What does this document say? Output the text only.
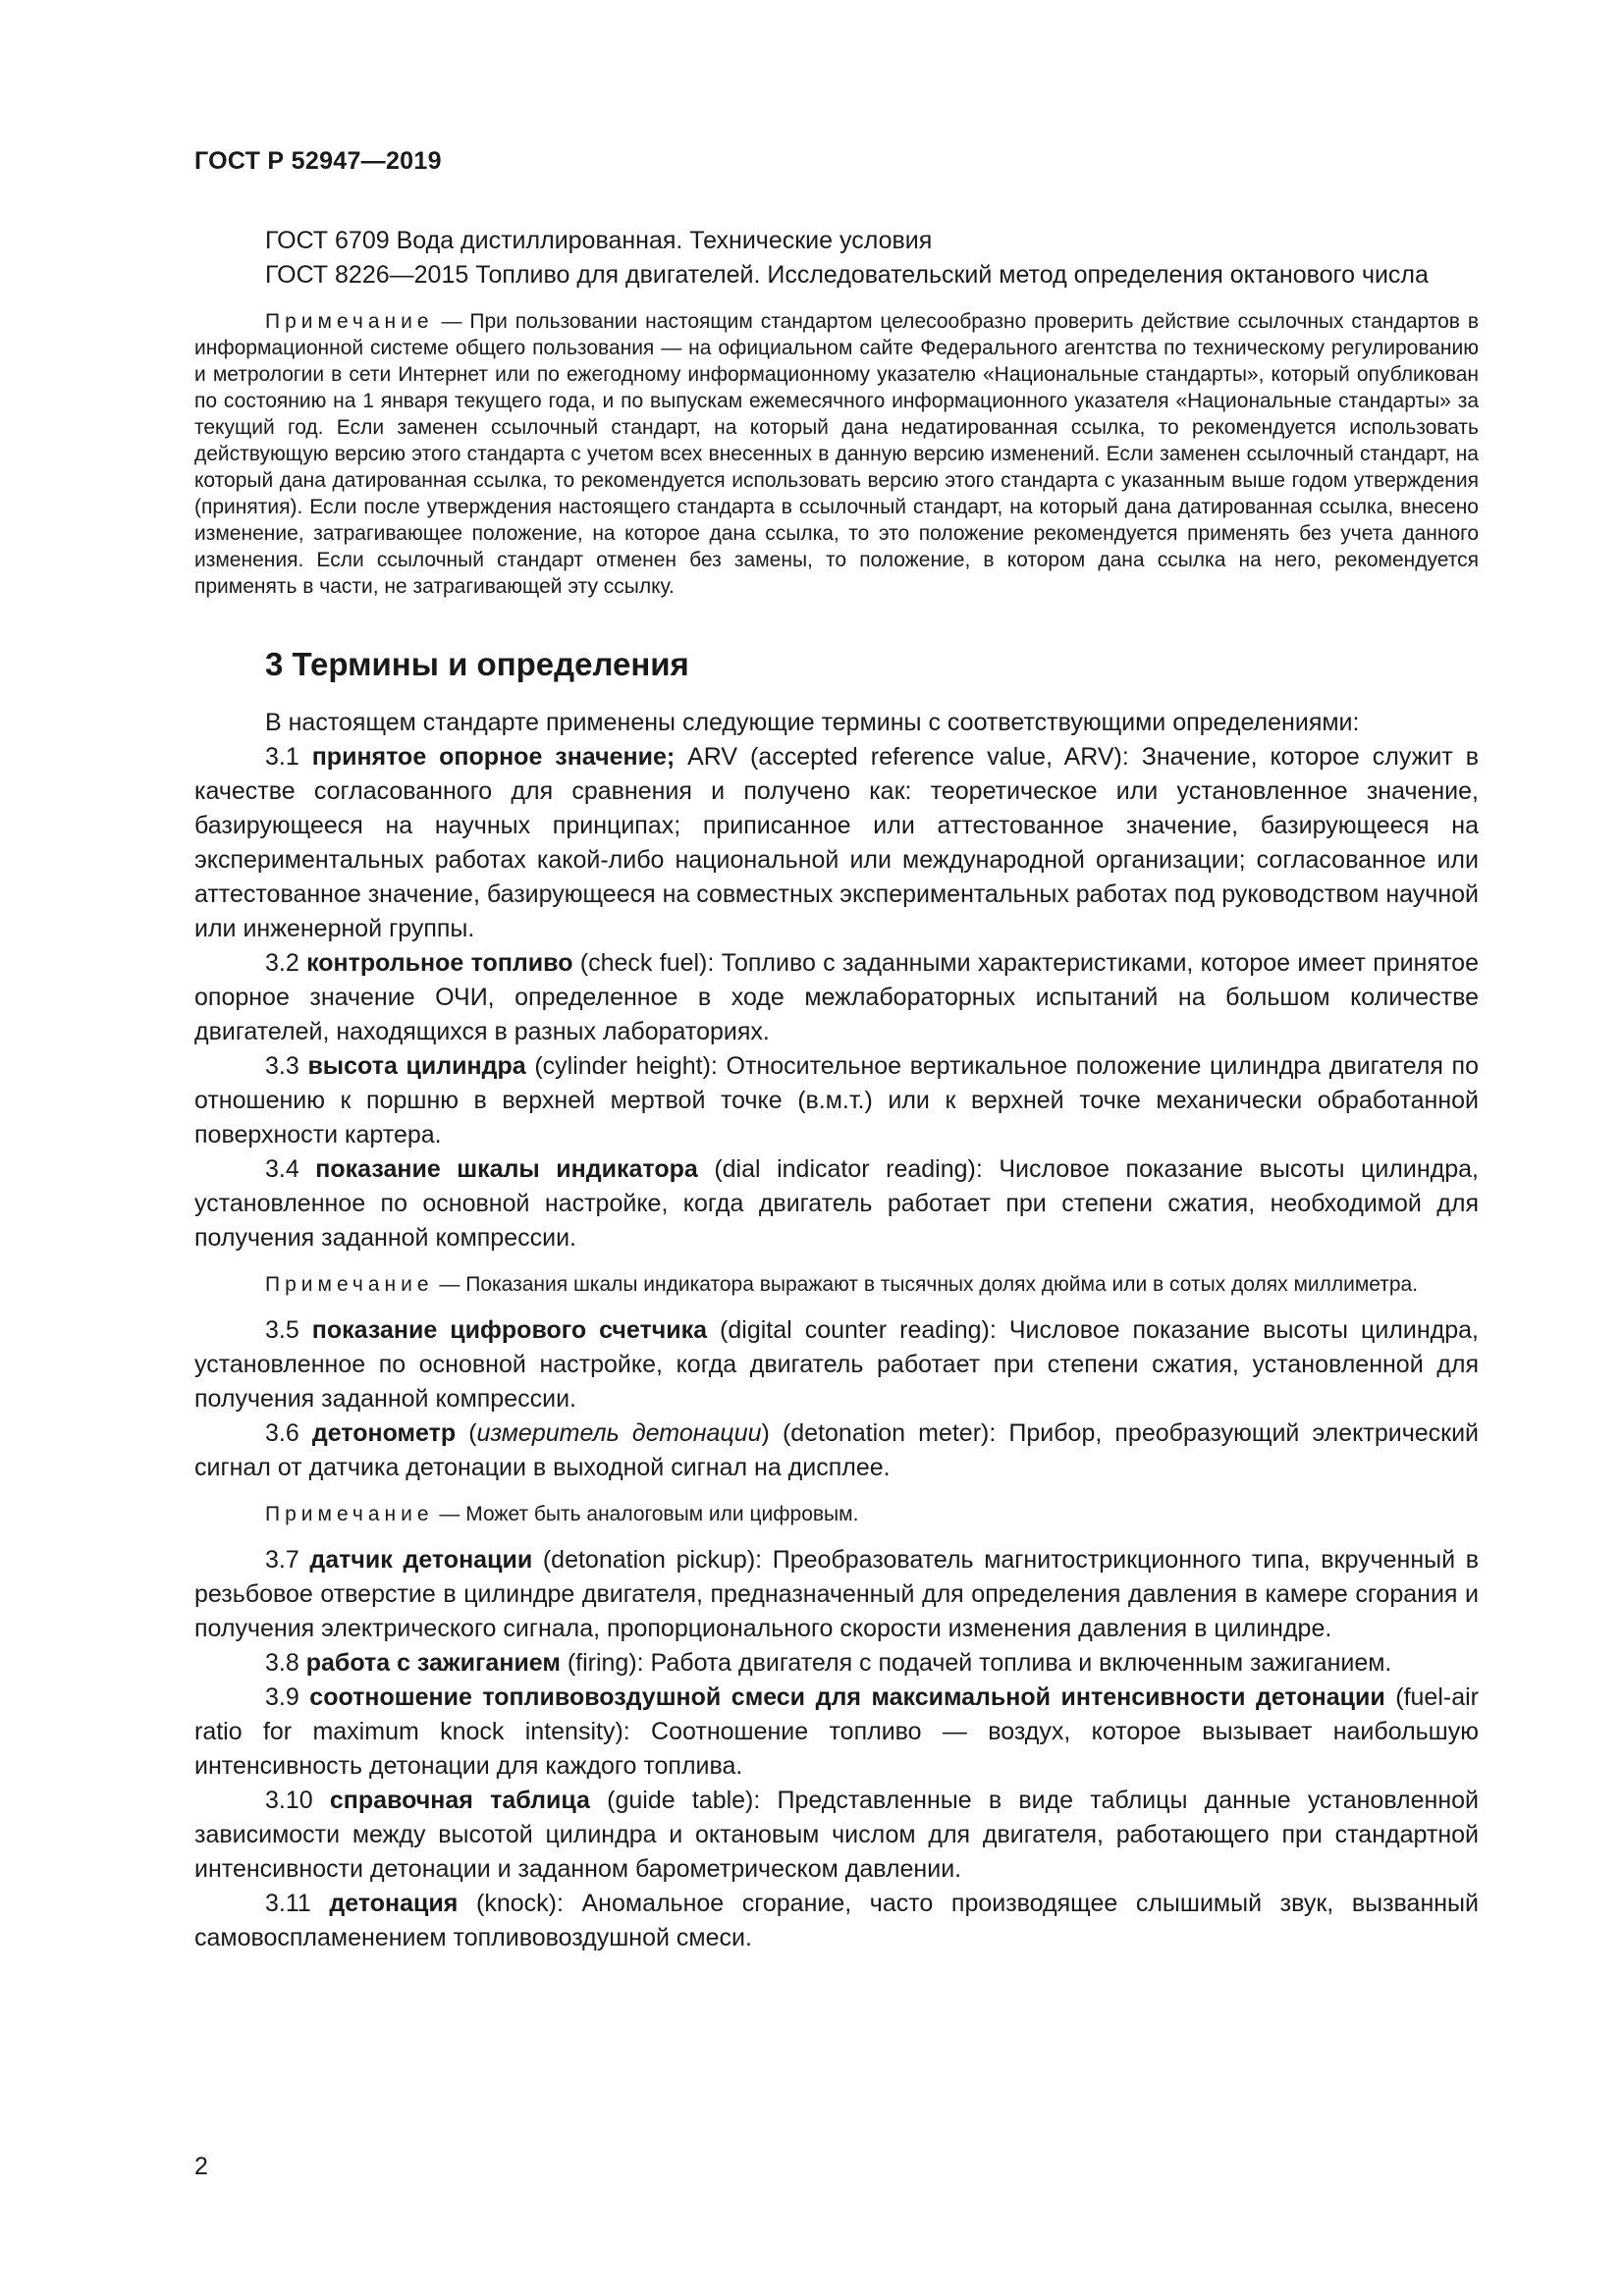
ГОСТ Р 52947—2019

ГОСТ 6709 Вода дистиллированная. Технические условия

ГОСТ 8226—2015 Топливо для двигателей. Исследовательский метод определения октанового числа

Примечание — При пользовании настоящим стандартом целесообразно проверить действие ссылочных стандартов в информационной системе общего пользования — на официальном сайте Федерального агентства по техническому регулированию и метрологии в сети Интернет или по ежегодному информационному указателю «Национальные стандарты», который опубликован по состоянию на 1 января текущего года, и по выпускам ежемесячного информационного указателя «Национальные стандарты» за текущий год. Если заменен ссылочный стандарт, на который дана недатированная ссылка, то рекомендуется использовать действующую версию этого стандарта с учетом всех внесенных в данную версию изменений. Если заменен ссылочный стандарт, на который дана датированная ссылка, то рекомендуется использовать версию этого стандарта с указанным выше годом утверждения (принятия). Если после утверждения настоящего стандарта в ссылочный стандарт, на который дана датированная ссылка, внесено изменение, затрагивающее положение, на которое дана ссылка, то это положение рекомендуется применять без учета данного изменения. Если ссылочный стандарт отменен без замены, то положение, в котором дана ссылка на него, рекомендуется применять в части, не затрагивающей эту ссылку.

3 Термины и определения

В настоящем стандарте применены следующие термины с соответствующими определениями:

3.1 принятое опорное значение; ARV (accepted reference value, ARV): Значение, которое служит в качестве согласованного для сравнения и получено как: теоретическое или установленное значение, базирующееся на научных принципах; приписанное или аттестованное значение, базирующееся на экспериментальных работах какой-либо национальной или международной организации; согласованное или аттестованное значение, базирующееся на совместных экспериментальных работах под руководством научной или инженерной группы.

3.2 контрольное топливо (check fuel): Топливо с заданными характеристиками, которое имеет принятое опорное значение ОЧИ, определенное в ходе межлабораторных испытаний на большом количестве двигателей, находящихся в разных лабораториях.

3.3 высота цилиндра (cylinder height): Относительное вертикальное положение цилиндра двигателя по отношению к поршню в верхней мертвой точке (в.м.т.) или к верхней точке механически обработанной поверхности картера.

3.4 показание шкалы индикатора (dial indicator reading): Числовое показание высоты цилиндра, установленное по основной настройке, когда двигатель работает при степени сжатия, необходимой для получения заданной компрессии.

Примечание — Показания шкалы индикатора выражают в тысячных долях дюйма или в сотых долях миллиметра.

3.5 показание цифрового счетчика (digital counter reading): Числовое показание высоты цилиндра, установленное по основной настройке, когда двигатель работает при степени сжатия, установленной для получения заданной компрессии.

3.6 детонометр (измеритель детонации) (detonation meter): Прибор, преобразующий электрический сигнал от датчика детонации в выходной сигнал на дисплее.

Примечание — Может быть аналоговым или цифровым.

3.7 датчик детонации (detonation pickup): Преобразователь магнитострикционного типа, вкрученный в резьбовое отверстие в цилиндре двигателя, предназначенный для определения давления в камере сгорания и получения электрического сигнала, пропорционального скорости изменения давления в цилиндре.

3.8 работа с зажиганием (firing): Работа двигателя с подачей топлива и включенным зажиганием.

3.9 соотношение топливовоздушной смеси для максимальной интенсивности детонации (fuel-air ratio for maximum knock intensity): Соотношение топливо — воздух, которое вызывает наибольшую интенсивность детонации для каждого топлива.

3.10 справочная таблица (guide table): Представленные в виде таблицы данные установленной зависимости между высотой цилиндра и октановым числом для двигателя, работающего при стандартной интенсивности детонации и заданном барометрическом давлении.

3.11 детонация (knock): Аномальное сгорание, часто производящее слышимый звук, вызванный самовоспламенением топливовоздушной смеси.

2
